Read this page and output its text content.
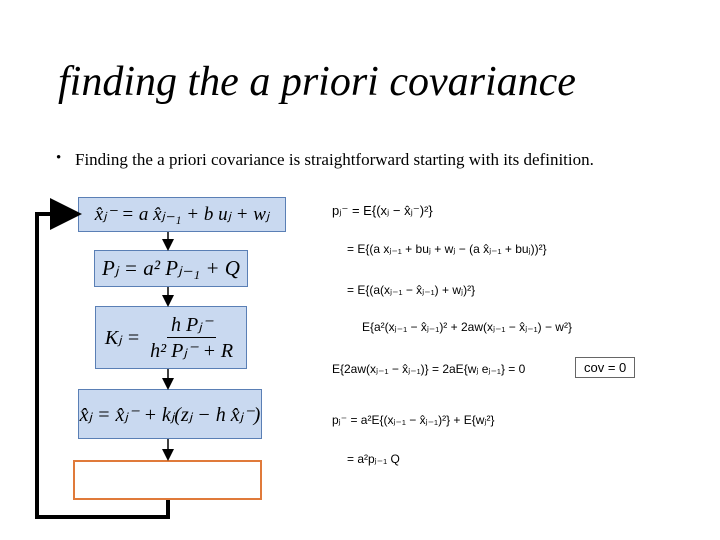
finding the a priori covariance
• Finding the a priori covariance is straightforward starting with its definition.
x̂ⱼ⁻ = a x̂ⱼ₋₁ + b uⱼ + wⱼ
Pⱼ = a² Pⱼ₋₁ + Q
Kⱼ = $\frac{\text{h Pⱼ⁻}}{\text{h² Pⱼ⁻ + R}}$
x̂ⱼ = x̂ⱼ⁻ + kⱼ(zⱼ − h x̂ⱼ⁻)
pⱼ⁻ = E{(xⱼ − x̂ⱼ⁻)²}
= E{(a xⱼ₋₁ + buⱼ + wⱼ − (a x̂ⱼ₋₁ + buⱼ))²}
= E{(a(xⱼ₋₁ − x̂ⱼ₋₁) + wⱼ)²}
E{a²(xⱼ₋₁ − x̂ⱼ₋₁)² + 2aw(xⱼ₋₁ − x̂ⱼ₋₁) − w²}
E{2aw(xⱼ₋₁ − x̂ⱼ₋₁)} = 2aE{wⱼ eⱼ₋₁} = 0	cov = 0
pⱼ⁻ = a²E{(xⱼ₋₁ − x̂ⱼ₋₁)²} + E{wⱼ²}
= a²pⱼ₋₁ Q
